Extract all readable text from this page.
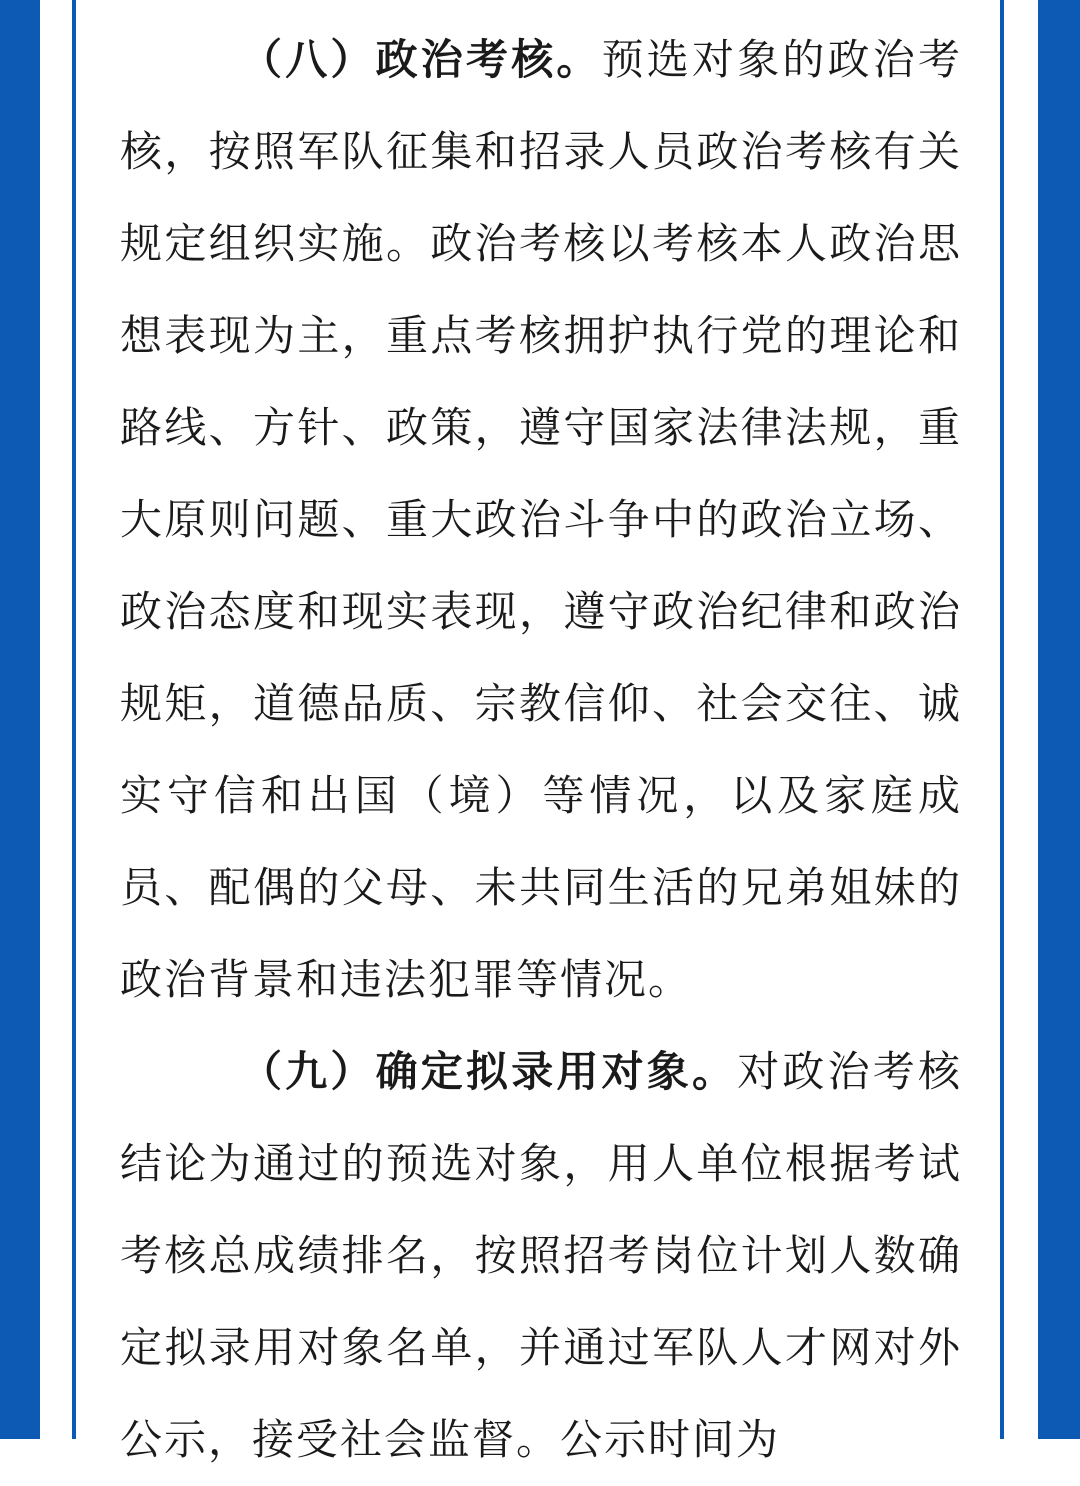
（八）政治考核。预选对象的政治考核，按照军队征集和招录人员政治考核有关规定组织实施。政治考核以考核本人政治思想表现为主，重点考核拥护执行党的理论和路线、方针、政策，遵守国家法律法规，重大原则问题、重大政治斗争中的政治立场、政治态度和现实表现，遵守政治纪律和政治规矩，道德品质、宗教信仰、社会交往、诚实守信和出国（境）等情况，以及家庭成员、配偶的父母、未共同生活的兄弟姐妹的政治背景和违法犯罪等情况。

（九）确定拟录用对象。对政治考核结论为通过的预选对象，用人单位根据考试考核总成绩排名，按照招考岗位计划人数确定拟录用对象名单，并通过军队人才网对外公示，接受社会监督。公示时间为
